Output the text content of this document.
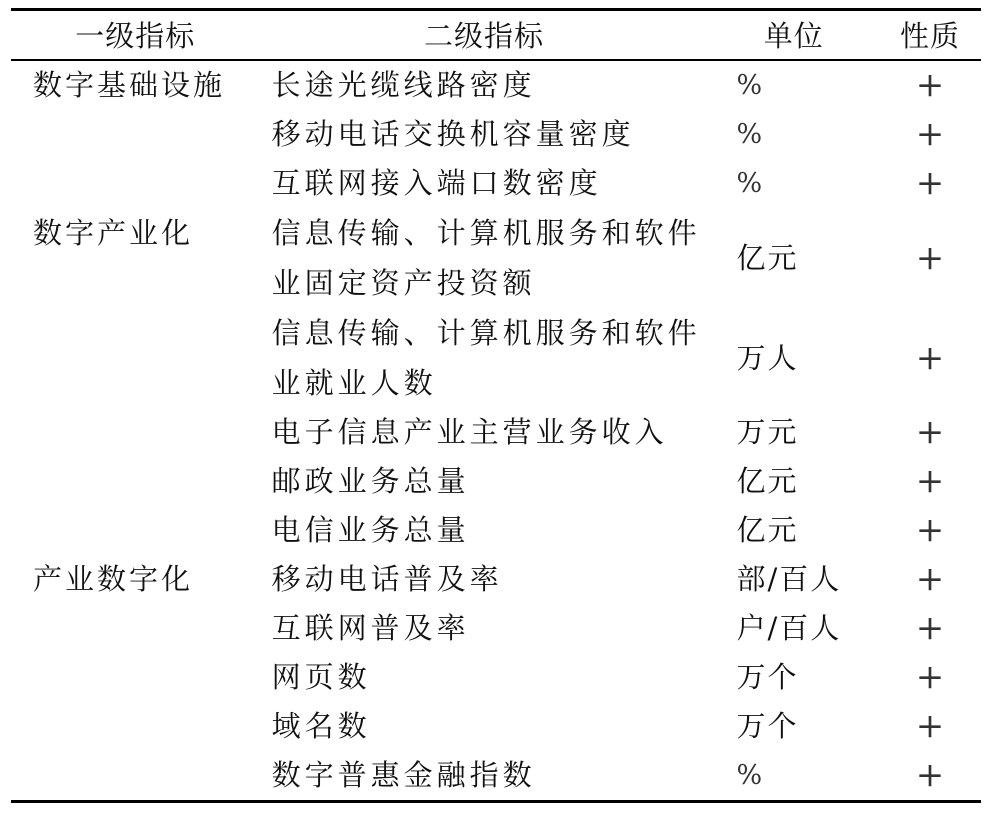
一级指标	二级指标	单位	性质
数字基础设施	长途光缆线路密度	%	+

	移动电话交换机容量密度	%	+

	互联网接入端口数密度	%	+
数字产业化	信息传输、计算机服务和软件
业固定资产投资额	亿元	+

	信息传输、计算机服务和软件
业就业人数	万人	+

	电子信息产业主营业务收入	万元	+

	邮政业务总量	亿元	+

	电信业务总量	亿元	+
产业数字化	移动电话普及率	部/百人	+

	互联网普及率	户/百人	+

	网页数	万个	+

	域名数	万个	+

	数字普惠金融指数	%	+
